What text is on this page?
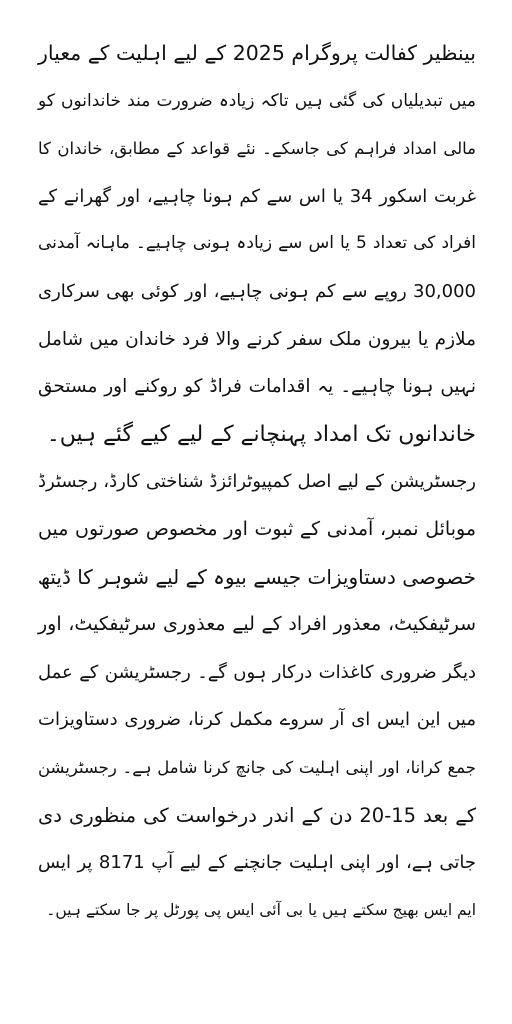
بینظیر کفالت پروگرام 2025 کے لیے اہلیت کے معیار
میں تبدیلیاں کی گئی ہیں تاکہ زیادہ ضرورت مند خاندانوں کو
مالی امداد فراہم کی جاسکے۔ نئے قواعد کے مطابق، خاندان کا
غربت اسکور 34 یا اس سے کم ہونا چاہیے، اور گھرانے کے
افراد کی تعداد 5 یا اس سے زیادہ ہونی چاہیے۔ ماہانہ آمدنی
30,000 روپے سے کم ہونی چاہیے، اور کوئی بھی سرکاری
ملازم یا بیرون ملک سفر کرنے والا فرد خاندان میں شامل
نہیں ہونا چاہیے۔ یہ اقدامات فراڈ کو روکنے اور مستحق
خاندانوں تک امداد پہنچانے کے لیے کیے گئے ہیں۔
رجسٹریشن کے لیے اصل کمپیوٹرائزڈ شناختی کارڈ، رجسٹرڈ
موبائل نمبر، آمدنی کے ثبوت اور مخصوص صورتوں میں
خصوصی دستاویزات جیسے بیوہ کے لیے شوہر کا ڈیتھ
سرٹیفکیٹ، معذور افراد کے لیے معذوری سرٹیفکیٹ، اور
دیگر ضروری کاغذات درکار ہوں گے۔ رجسٹریشن کے عمل
میں این ایس ای آر سروے مکمل کرنا، ضروری دستاویزات
جمع کرانا، اور اپنی اہلیت کی جانچ کرنا شامل ہے۔ رجسٹریشن
کے بعد 15-20 دن کے اندر درخواست کی منظوری دی
جاتی ہے، اور اپنی اہلیت جانچنے کے لیے آپ 8171 پر ایس
ایم ایس بھیج سکتے ہیں یا بی آئی ایس پی پورٹل پر جا سکتے ہیں۔
